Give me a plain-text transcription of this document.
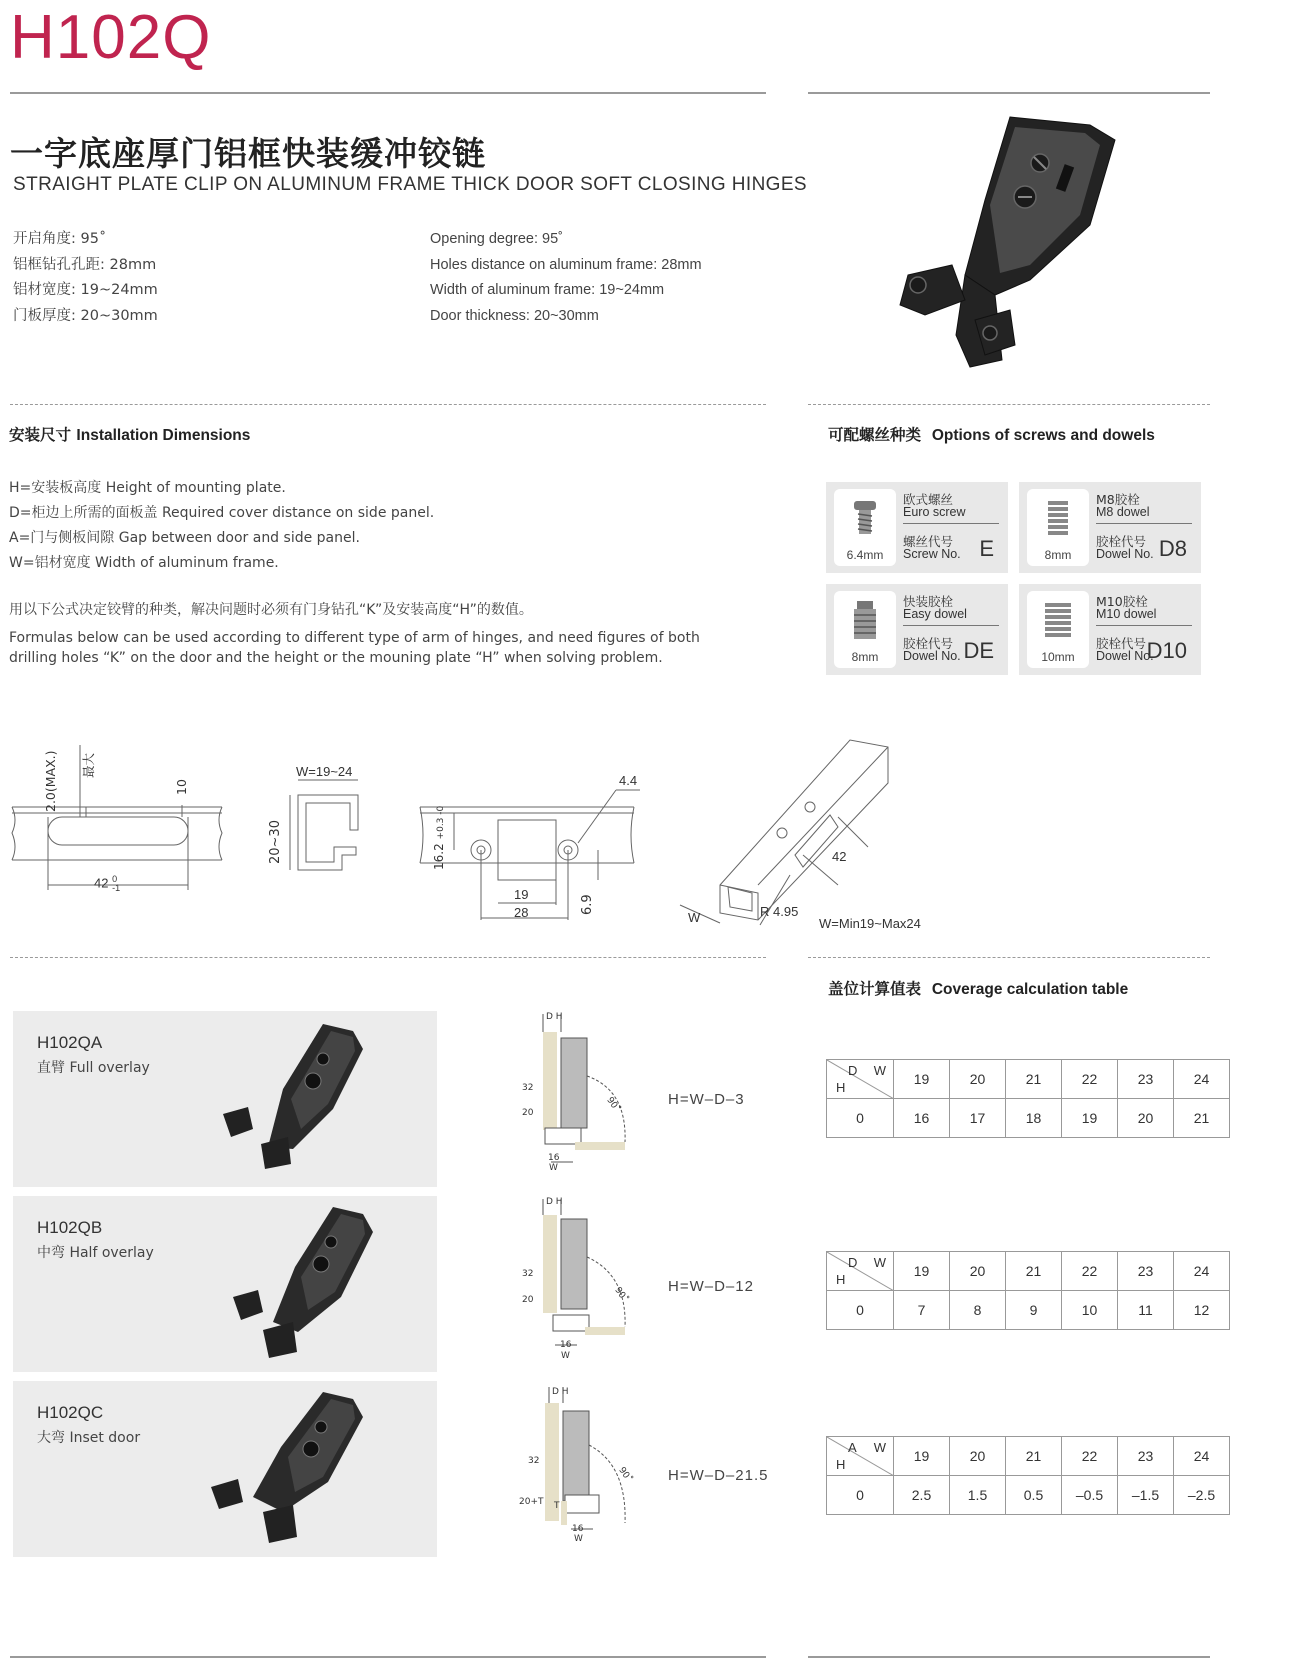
H102Q
一字底座厚门铝框快装缓冲铰链
STRAIGHT PLATE CLIP ON ALUMINUM FRAME THICK DOOR SOFT CLOSING HINGES
开启角度: 95˚
铝框钻孔孔距: 28mm
铝材宽度: 19~24mm
门板厚度: 20~30mm
Opening degree: 95˚
Holes distance on aluminum frame: 28mm
Width of aluminum frame: 19~24mm
Door thickness: 20~30mm
安装尺寸 Installation Dimensions
H=安装板高度 Height of mounting plate.
D=柜边上所需的面板盖 Required cover distance on side panel.
A=门与侧板间隙 Gap between door and side panel.
W=铝材宽度 Width of aluminum frame.
用以下公式决定铰臂的种类，解决问题时必须有门身钻孔“K”及安装高度“H”的数值。
Formulas below can be used according to different type of arm of hinges, and need figures of both
drilling holes “K” on the door and the height or the mouning plate “H” when solving problem.
可配螺丝种类 Options of screws and dowels
6.4mm
欧式螺丝
Euro screw
螺丝代号
Screw No. E	8mm
M8胶栓
M8 dowel
胶栓代号
Dowel No. D8
8mm
快装胶栓
Easy dowel
胶栓代号
Dowel No. DE	10mm
M10胶栓
M10 dowel
胶栓代号
Dowel No.
D10
2.0(MAX.) 最大
10
42 0
-1
W=19~24
20~30
4.4
16.2 +0.3 -0
19
28	6.9
42
R 4.95
W	W=Min19~Max24
盖位计算值表 Coverage calculation table
H102QA
直臂 Full overlay
H=W–D–3
H102QB
中弯 Half overlay
H=W–D–12
H102QC
大弯 Inset door
H=W–D–21.5
D H
32
20
16
W
90˚
D H
32
20
16
W
90˚
D H
32
20+T T
16
W
90˚
D W
H	19	20	21	22	23	24
0	16	17	18	19	20	21
D W
H	19	20	21	22	23	24
0	7	8	9	10	11	12
A W
H	19	20	21	22	23	24
0	2.5	1.5	0.5	–0.5	–1.5	–2.5
